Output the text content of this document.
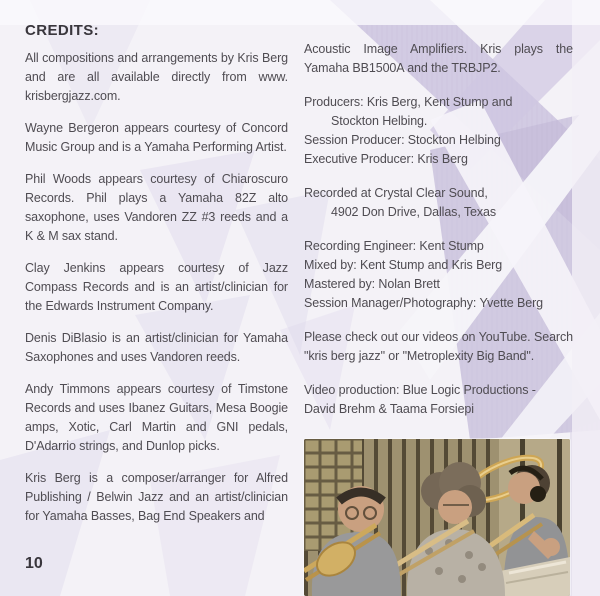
CREDITS:

All compositions and arrangements by Kris Berg and are all available directly from www. krisbergjazz.com.

Wayne Bergeron appears courtesy of Concord Music Group and is a Yamaha Performing Artist.

Phil Woods appears courtesy of Chiaroscuro Records. Phil plays a Yamaha 82Z alto saxophone, uses Vandoren ZZ #3 reeds and a K & M sax stand.

Clay Jenkins appears courtesy of Jazz Compass Records and is an artist/clinician for the Edwards Instrument Company.

Denis DiBlasio is an artist/clinician for Yamaha Saxophones and uses Vandoren reeds.

Andy Timmons appears courtesy of Timstone Records and uses Ibanez Guitars, Mesa Boogie amps, Xotic, Carl Martin and GNI pedals, D'Adarrio strings, and Dunlop picks.

Kris Berg is a composer/arranger for Alfred Publishing / Belwin Jazz and an artist/clinician for Yamaha Basses, Bag End Speakers and

Acoustic Image Amplifiers. Kris plays the Yamaha BB1500A and the TRBJP2.

Producers: Kris Berg, Kent Stump and
Stockton Helbing.
Session Producer: Stockton Helbing
Executive Producer: Kris Berg
Recorded at Crystal Clear Sound,
4902 Don Drive, Dallas, Texas
Recording Engineer: Kent Stump
Mixed by: Kent Stump and Kris Berg
Mastered by: Nolan Brett
Session Manager/Photography: Yvette Berg

Please check out our videos on YouTube. Search "kris berg jazz" or "Metroplexity Big Band".

Video production: Blue Logic Productions -
David Brehm & Taama Forsiepi
10
